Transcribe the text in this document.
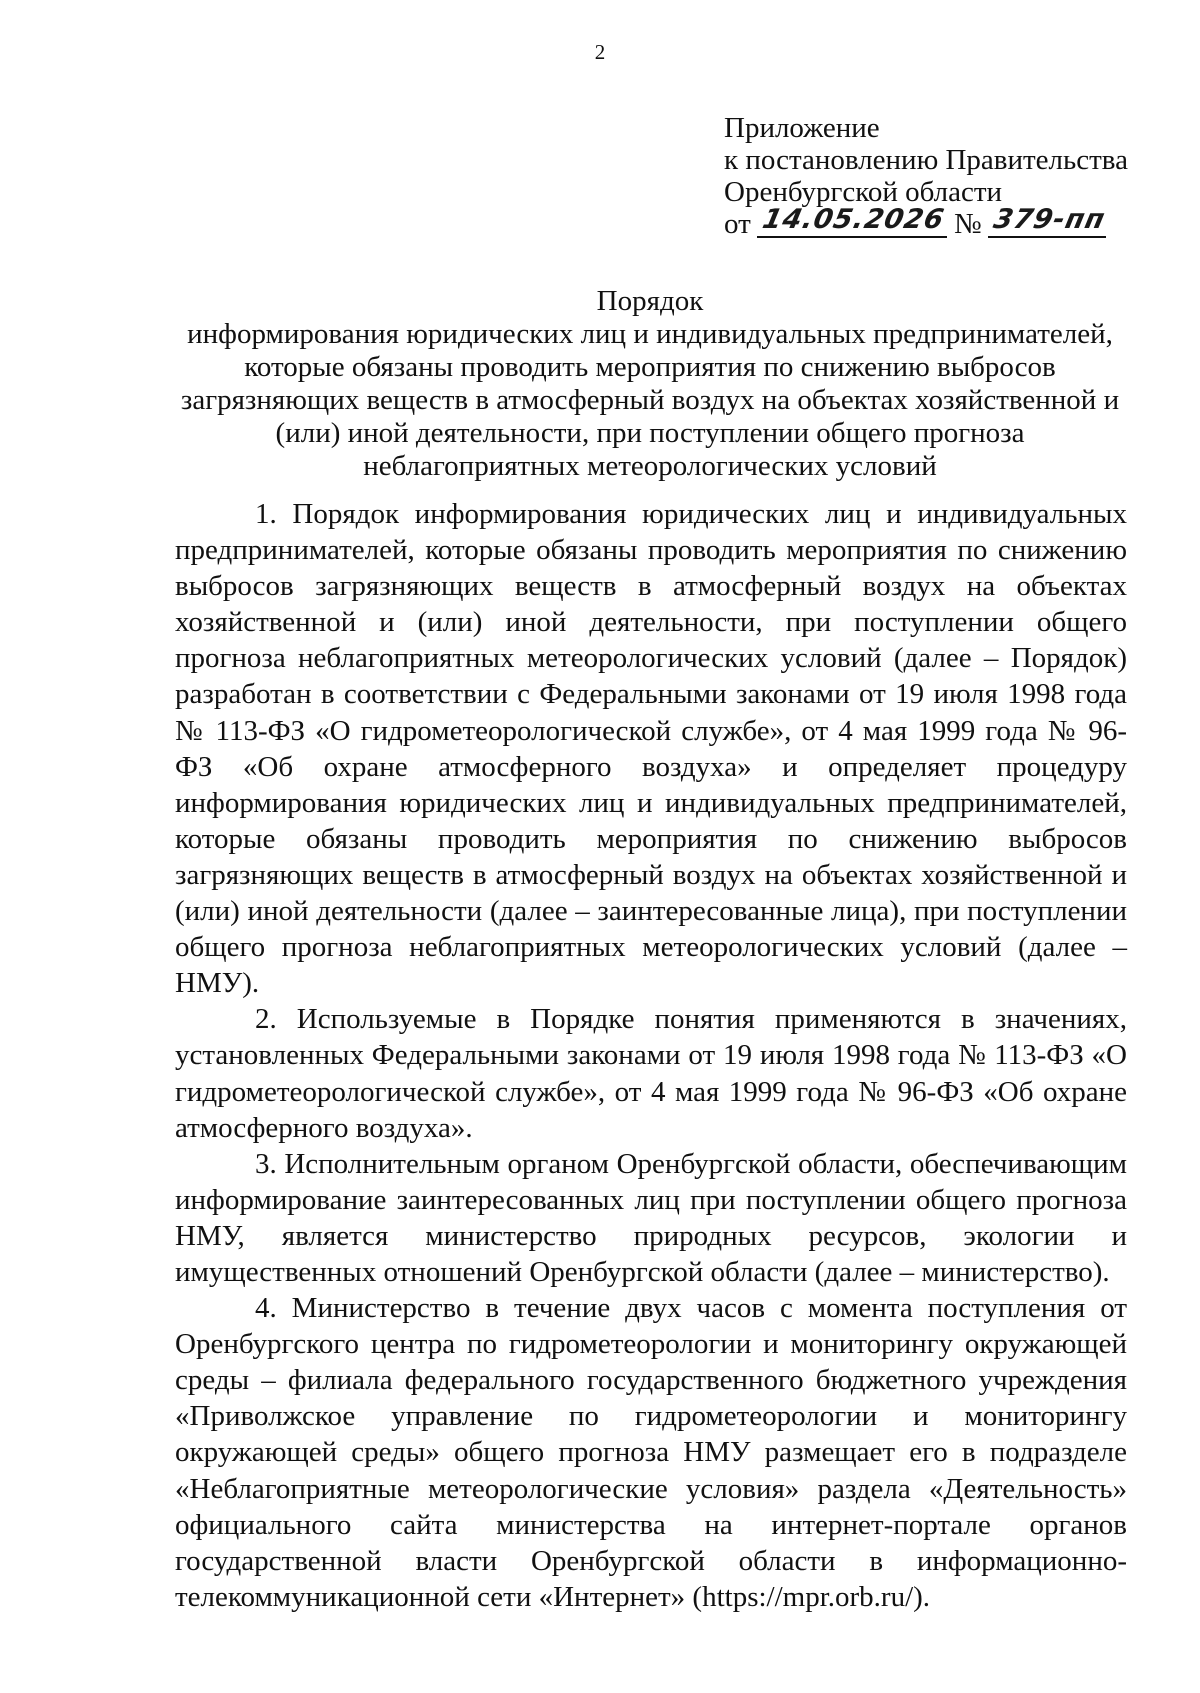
2
Приложение
к постановлению Правительства
Оренбургской области
от 14.05.2026 № 379-пп
Порядок
информирования юридических лиц и индивидуальных предпринимателей,
которые обязаны проводить мероприятия по снижению выбросов
загрязняющих веществ в атмосферный воздух на объектах хозяйственной и
(или) иной деятельности, при поступлении общего прогноза
неблагоприятных метеорологических условий

1. Порядок информирования юридических лиц и индивидуальных предпринимателей, которые обязаны проводить мероприятия по снижению выбросов загрязняющих веществ в атмосферный воздух на объектах хозяйственной и (или) иной деятельности, при поступлении общего прогноза неблагоприятных метеорологических условий (далее – Порядок) разработан в соответствии с Федеральными законами от 19 июля 1998 года № 113-ФЗ «О гидрометеорологической службе», от 4 мая 1999 года № 96-ФЗ «Об охране атмосферного воздуха» и определяет процедуру информирования юридических лиц и индивидуальных предпринимателей, которые обязаны проводить мероприятия по снижению выбросов загрязняющих веществ в атмосферный воздух на объектах хозяйственной и (или) иной деятельности (далее – заинтересованные лица), при поступлении общего прогноза неблагоприятных метеорологических условий (далее – НМУ).

2. Используемые в Порядке понятия применяются в значениях, установленных Федеральными законами от 19 июля 1998 года № 113-ФЗ «О гидрометеорологической службе», от 4 мая 1999 года № 96-ФЗ «Об охране атмосферного воздуха».

3. Исполнительным органом Оренбургской области, обеспечивающим информирование заинтересованных лиц при поступлении общего прогноза НМУ, является министерство природных ресурсов, экологии и имущественных отношений Оренбургской области (далее – министерство).

4. Министерство в течение двух часов с момента поступления от Оренбургского центра по гидрометеорологии и мониторингу окружающей среды – филиала федерального государственного бюджетного учреждения «Приволжское управление по гидрометеорологии и мониторингу окружающей среды» общего прогноза НМУ размещает его в подразделе «Неблагоприятные метеорологические условия» раздела «Деятельность» официального сайта министерства на интернет-портале органов государственной власти Оренбургской области в информационно-телекоммуникационной сети «Интернет» (https://mpr.orb.ru/).
